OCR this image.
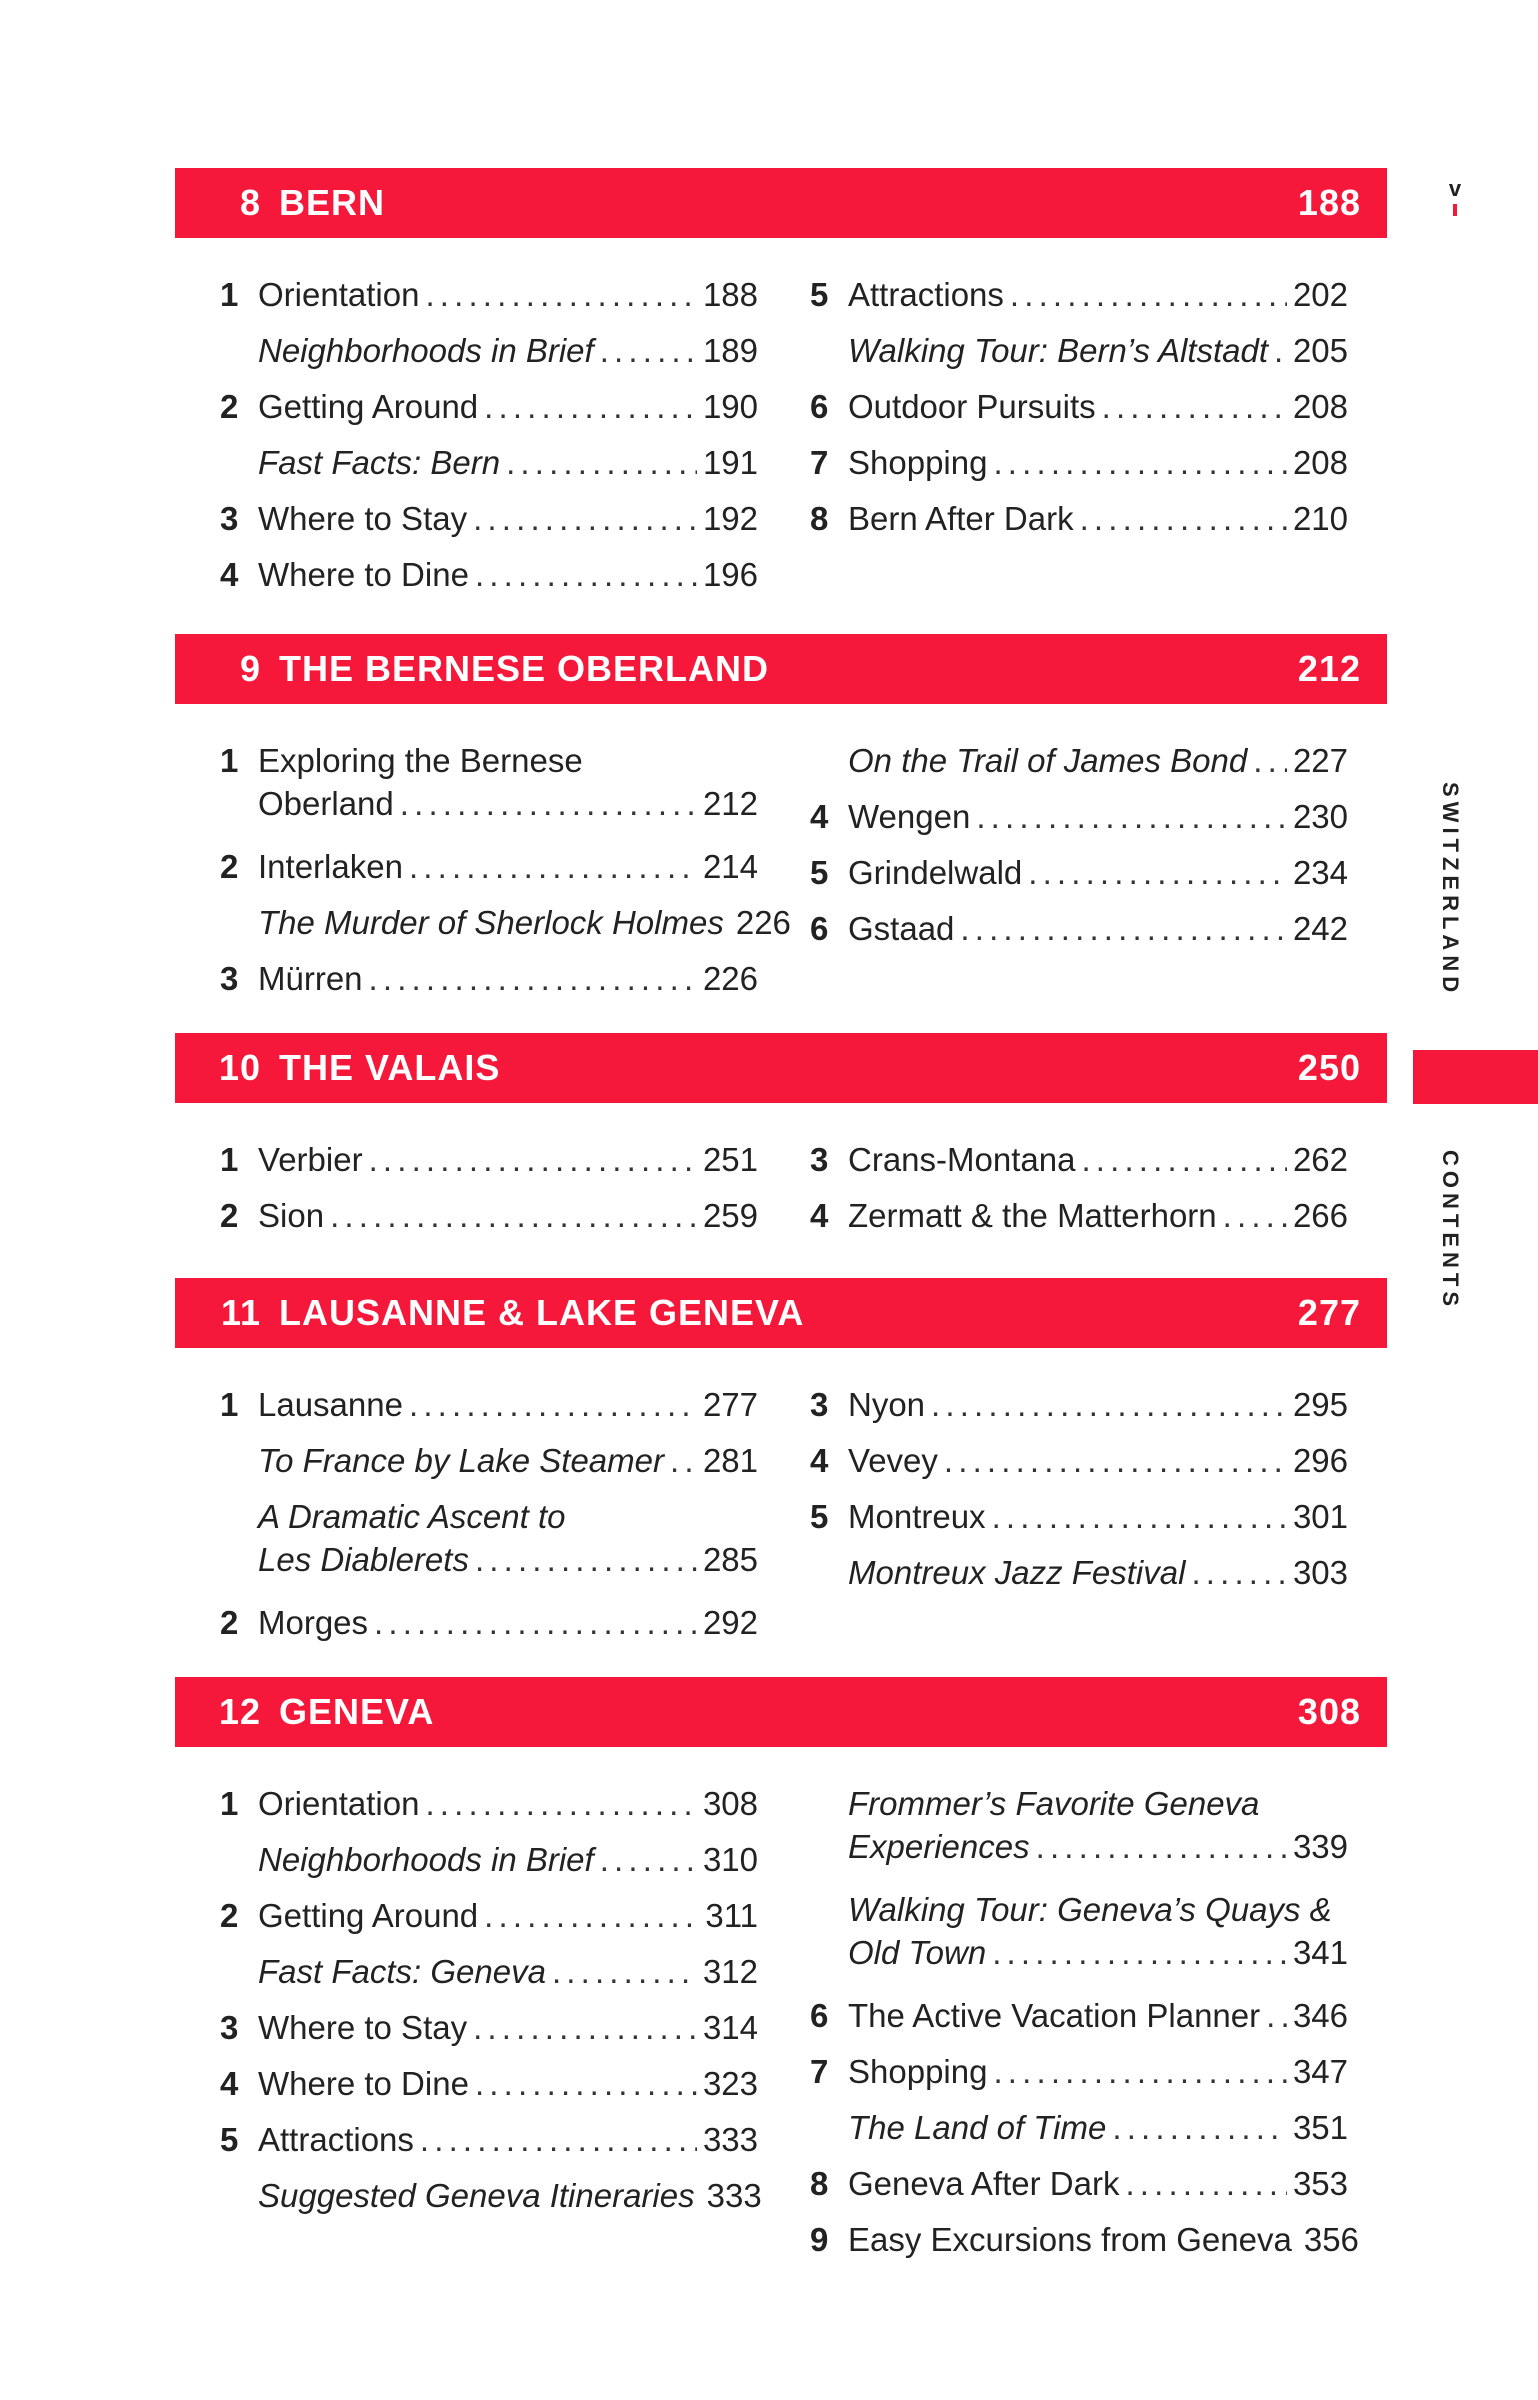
v
SWITZERLAND
CONTENTS
8 BERN	188
1 Orientation . . .	188
Neighborhoods in Brief . . .	189
2 Getting Around . . .	190
Fast Facts: Bern . . .	191
3 Where to Stay . . .	192
4 Where to Dine . . .	196
5 Attractions . . .	202
Walking Tour: Bern’s Altstadt . . . 205
6 Outdoor Pursuits . . .	208
7 Shopping . . .	208
8 Bern After Dark . . .	210
9 THE BERNESE OBERLAND	212
1 Exploring the Bernese
Oberland . . .	212
2 Interlaken . . .	214
The Murder of Sherlock Holmes 226
3 Mürren . . .	226
On the Trail of James Bond . . . 227
4 Wengen . . .	230
5 Grindelwald . . .	234
6 Gstaad . . .	242
10 THE VALAIS	250
1 Verbier . . .	251
2 Sion . . .	259
3 Crans-Montana . . .	262
4 Zermatt & the Matterhorn . . . 266
11 LAUSANNE & LAKE GENEVA	277
1 Lausanne . . .	277
To France by Lake Steamer . . . 281
A Dramatic Ascent to
Les Diablerets . . .	285
2 Morges . . .	292
3 Nyon . . .	295
4 Vevey . . .	296
5 Montreux . . .	301
Montreux Jazz Festival . . .	303
12 GENEVA	308
1 Orientation . . .	308
Neighborhoods in Brief . . .	310
2 Getting Around . . .	311
Fast Facts: Geneva . . .	312
3 Where to Stay . . .	314
4 Where to Dine . . .	323
5 Attractions . . .	333
Suggested Geneva Itineraries 333
Frommer’s Favorite Geneva
Experiences . . .	339
Walking Tour: Geneva’s Quays &
Old Town . . .	341
6 The Active Vacation Planner . . . 346
7 Shopping . . .	347
The Land of Time . . .	351
8 Geneva After Dark . . .	353
9 Easy Excursions from Geneva 356
